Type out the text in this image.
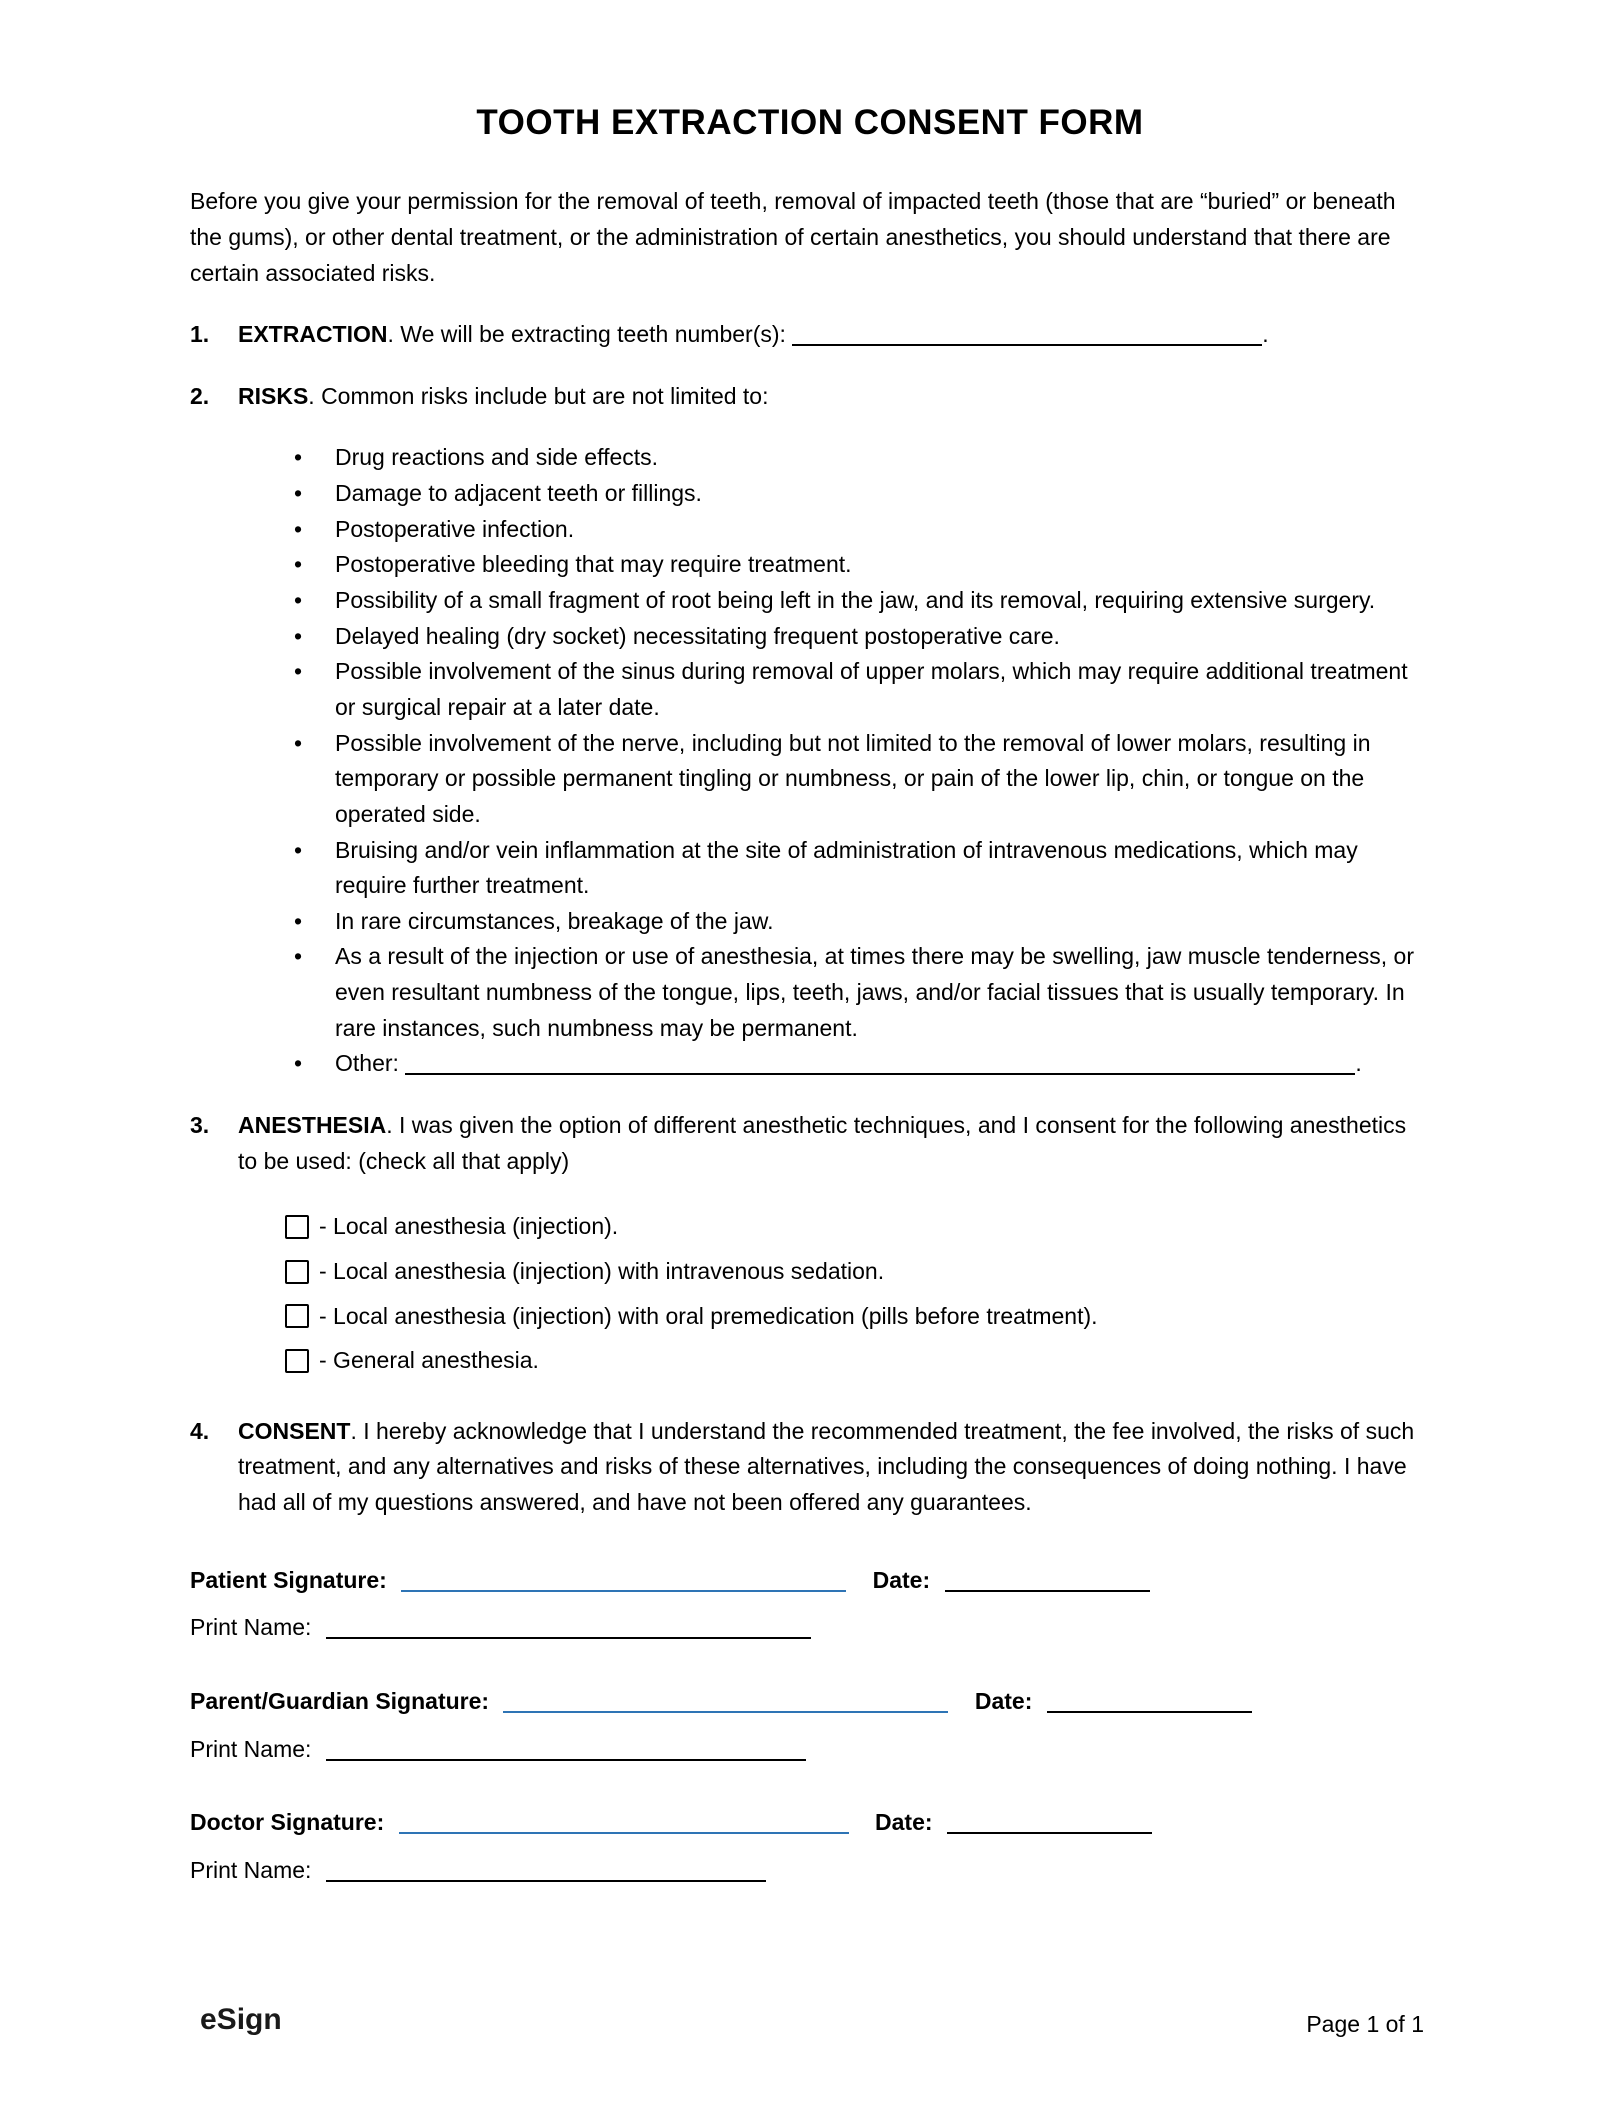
TOOTH EXTRACTION CONSENT FORM

Before you give your permission for the removal of teeth, removal of impacted teeth (those that are “buried” or beneath the gums), or other dental treatment, or the administration of certain anesthetics, you should understand that there are certain associated risks.

1.	EXTRACTION. We will be extracting teeth number(s):	.
2.	RISKS. Common risks include but are not limited to:
• Drug reactions and side effects.
• Damage to adjacent teeth or fillings.
• Postoperative infection.
• Postoperative bleeding that may require treatment.
• Possibility of a small fragment of root being left in the jaw, and its removal, requiring extensive surgery.
• Delayed healing (dry socket) necessitating frequent postoperative care.
• Possible involvement of the sinus during removal of upper molars, which may require additional treatment or surgical repair at a later date.
• Possible involvement of the nerve, including but not limited to the removal of lower molars, resulting in temporary or possible permanent tingling or numbness, or pain of the lower lip, chin, or tongue on the operated side.
• Bruising and/or vein inflammation at the site of administration of intravenous medications, which may require further treatment.
• In rare circumstances, breakage of the jaw.
• As a result of the injection or use of anesthesia, at times there may be swelling, jaw muscle tenderness, or even resultant numbness of the tongue, lips, teeth, jaws, and/or facial tissues that is usually temporary. In rare instances, such numbness may be permanent.
• Other:	.
3.	ANESTHESIA. I was given the option of different anesthetic techniques, and I consent for the following anesthetics to be used: (check all that apply)
- Local anesthesia (injection).
- Local anesthesia (injection) with intravenous sedation.
- Local anesthesia (injection) with oral premedication (pills before treatment).
- General anesthesia.
4.	CONSENT. I hereby acknowledge that I understand the recommended treatment, the fee involved, the risks of such treatment, and any alternatives and risks of these alternatives, including the consequences of doing nothing. I have had all of my questions answered, and have not been offered any guarantees.
Patient Signature:	Date:
Print Name:
Parent/Guardian Signature:	Date:
Print Name:
Doctor Signature:	Date:
Print Name:
eSign	Page 1 of 1
